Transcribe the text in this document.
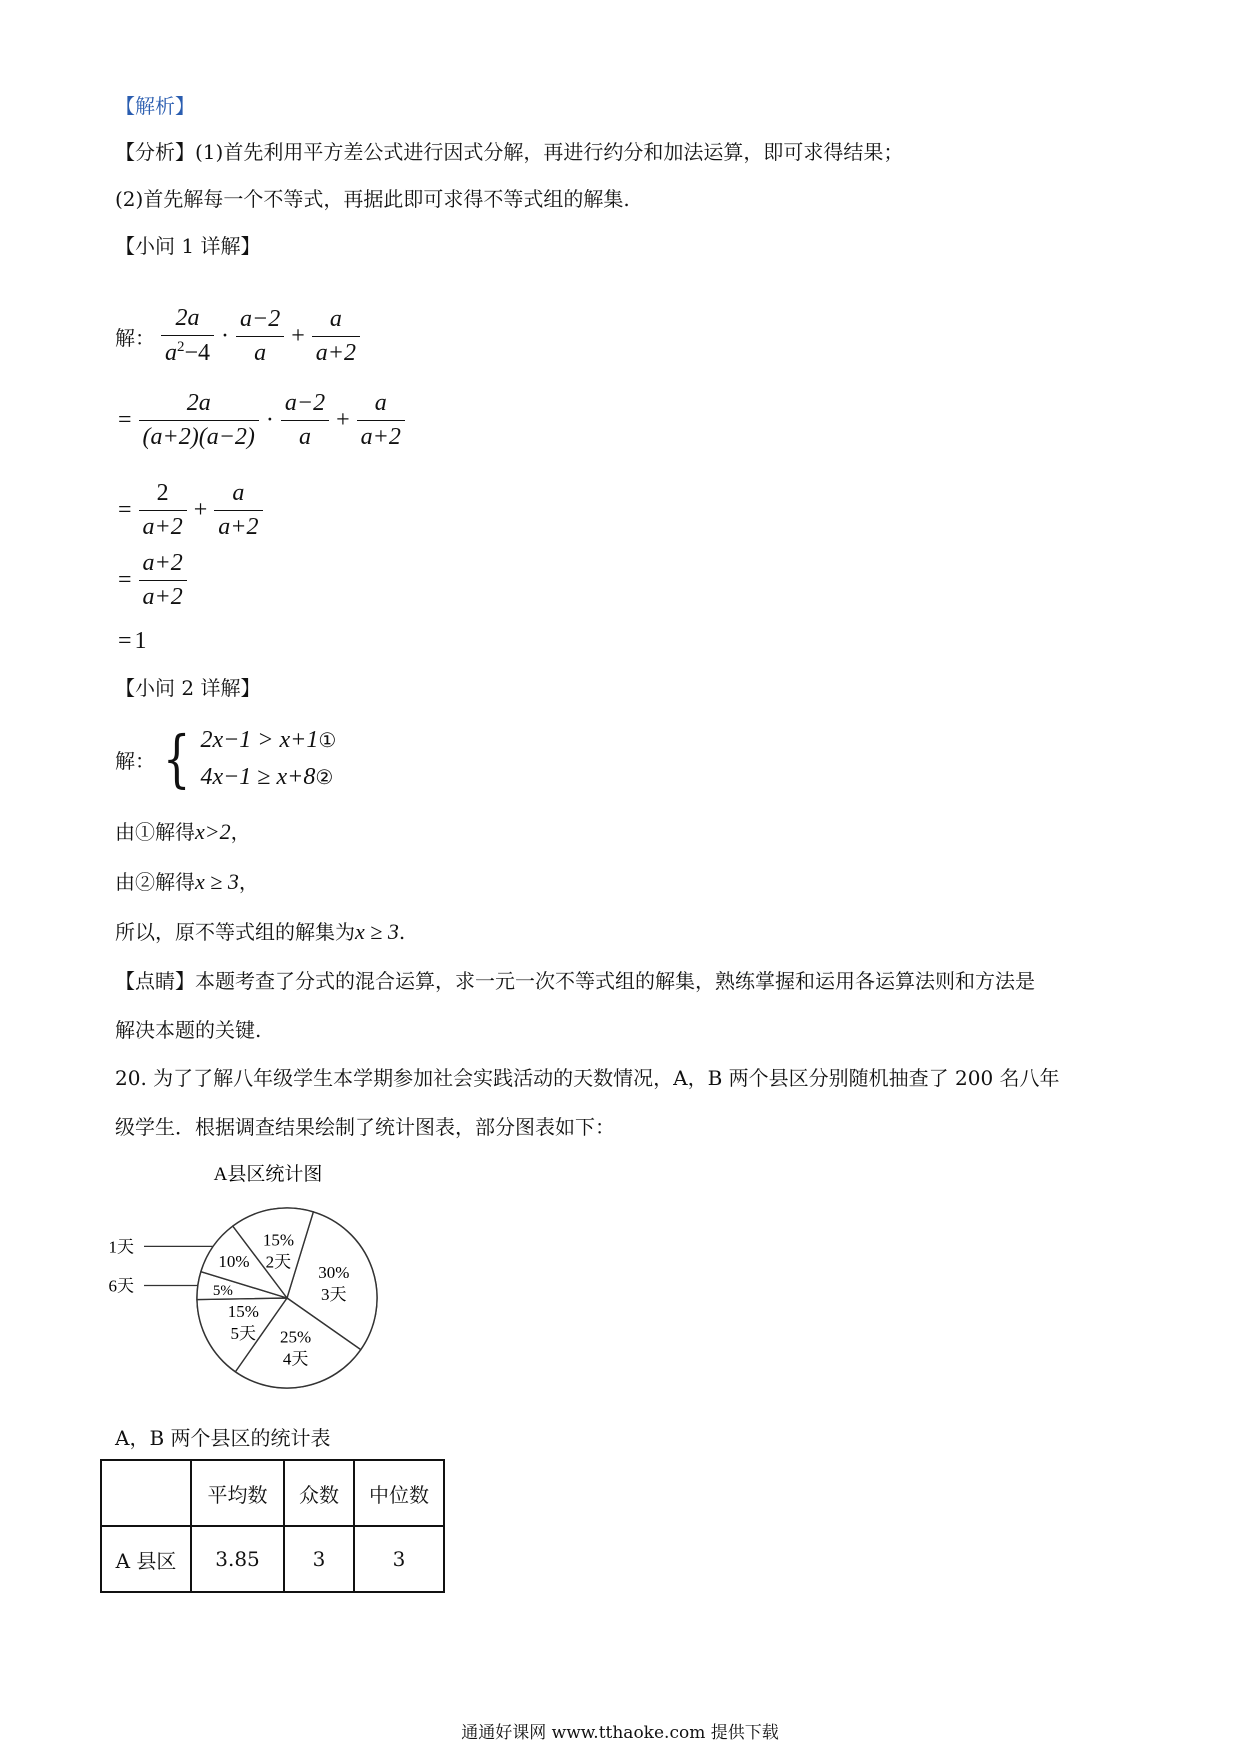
【解析】
【分析】(1)首先利用平方差公式进行因式分解，再进行约分和加法运算，即可求得结果；
(2)首先解每一个不等式，再据此即可求得不等式组的解集.
【小问 1 详解】
解： $\frac{2a}{a^2-4} \cdot \frac{a-2}{a} + \frac{a}{a+2}$
= $\frac{2a}{(a+2)(a-2)} \cdot \frac{a-2}{a} + \frac{a}{a+2}$
= $\frac{2}{a+2} + \frac{a}{a+2}$
= $\frac{a+2}{a+2}$
= 1
【小问 2 详解】
解： { 2x−1 > x+1①
4x−1 ≥ x+8②
由①解得x>2，
由②解得x ≥ 3，
所以，原不等式组的解集为x ≥ 3.
【点睛】本题考查了分式的混合运算，求一元一次不等式组的解集，熟练掌握和运用各运算法则和方法是
解决本题的关键.
20. 为了了解八年级学生本学期参加社会实践活动的天数情况，A，B 两个县区分别随机抽查了 200 名八年
级学生．根据调查结果绘制了统计图表，部分图表如下：
A县区统计图
30%
3天
25%
4天
15%
5天
5%
6天
10%
1天	15%
2天
A，B 两个县区的统计表
	平均数	众数	中位数
A 县区	3.85	3	3
通通好课网 www.tthaoke.com 提供下载
